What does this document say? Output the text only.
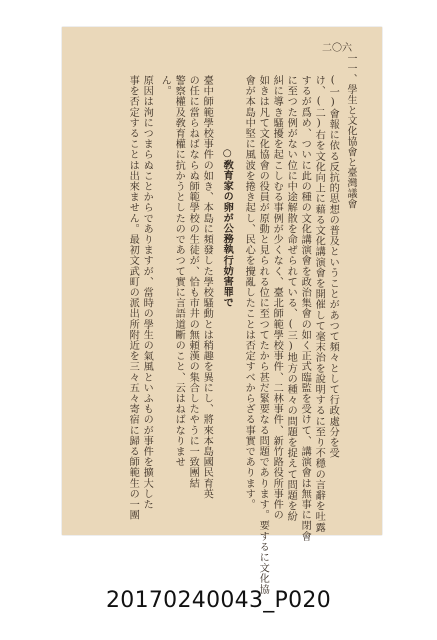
二〇六
一一、學生と文化協會と臺灣議會
(一)會報に依る反抗的思想の普及ということがあつて頻々として行政處分を受
け、(二)右を文化向上に藉る文化講演會を開催して毫末治を說明するに至り不穩の言辭を吐露
するが爲め、ついに此の種の文化講演會を政治集會の如く正式臨監を受けて、講演會は無事に閉會
に至つた例がない位に中途解散を命ぜられている、(三)地方の種々の問題を捉えて問題を紛
糾に導き騷擾を起こしむる事例が少くなく、臺北師範學校事件、二林事件、新竹路役所事件の
如きは凡て文化協會の役員が原動と見られる位に至つてたから甚だ緊要なる問題であります。要するに文化協
會が本島中堅に風波を捲き起し、民心を攪亂したことは否定すべからざる事實であります。
○敎育家の卵が公務執行妨害罪で
臺中師範學校事件の如き、本島に頻發した學校騷動とは稍趣を異にし、將來本島國民育英
の任に當らねばならぬ師範學校の生徒が、恰も市井の無頼漢の集合したやうに一致團結
警察權及敎育權に抗かうとしたのであつて實に言語道斷のこと、云はねばなりませ
ん。
原因は洵につまらぬことからでありますが、當時の學生の氣風といふものが事件を擴大した
事を否定することは出來ません。最初文武町の派出所附近を三々五々寄宿に歸る師範生の一團
20170240043_P020
